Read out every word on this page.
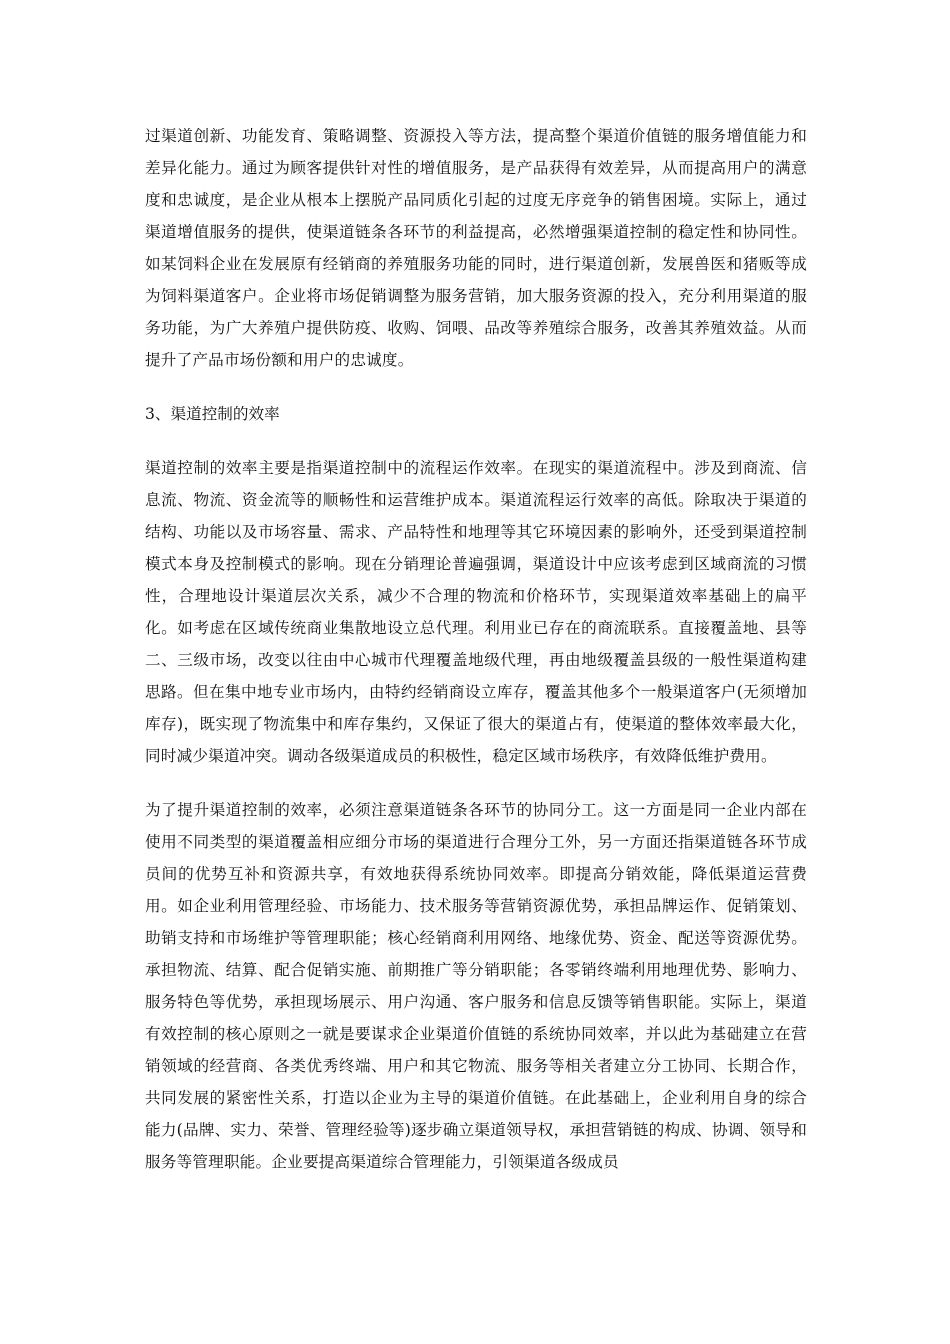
过渠道创新、功能发育、策略调整、资源投入等方法，提高整个渠道价值链的服务增值能力和差异化能力。通过为顾客提供针对性的增值服务，是产品获得有效差异，从而提高用户的满意度和忠诚度，是企业从根本上摆脱产品同质化引起的过度无序竞争的销售困境。实际上，通过渠道增值服务的提供，使渠道链条各环节的利益提高，必然增强渠道控制的稳定性和协同性。如某饲料企业在发展原有经销商的养殖服务功能的同时，进行渠道创新，发展兽医和猪贩等成为饲料渠道客户。企业将市场促销调整为服务营销，加大服务资源的投入，充分利用渠道的服务功能，为广大养殖户提供防疫、收购、饲喂、品改等养殖综合服务，改善其养殖效益。从而提升了产品市场份额和用户的忠诚度。

3、渠道控制的效率

渠道控制的效率主要是指渠道控制中的流程运作效率。在现实的渠道流程中。涉及到商流、信息流、物流、资金流等的顺畅性和运营维护成本。渠道流程运行效率的高低。除取决于渠道的结构、功能以及市场容量、需求、产品特性和地理等其它环境因素的影响外，还受到渠道控制模式本身及控制模式的影响。现在分销理论普遍强调，渠道设计中应该考虑到区域商流的习惯性，合理地设计渠道层次关系，减少不合理的物流和价格环节，实现渠道效率基础上的扁平化。如考虑在区域传统商业集散地设立总代理。利用业已存在的商流联系。直接覆盖地、县等二、三级市场，改变以往由中心城市代理覆盖地级代理，再由地级覆盖县级的一般性渠道构建思路。但在集中地专业市场内，由特约经销商设立库存，覆盖其他多个一般渠道客户(无须增加库存)，既实现了物流集中和库存集约，又保证了很大的渠道占有，使渠道的整体效率最大化，同时减少渠道冲突。调动各级渠道成员的积极性，稳定区域市场秩序，有效降低维护费用。

为了提升渠道控制的效率，必须注意渠道链条各环节的协同分工。这一方面是同一企业内部在使用不同类型的渠道覆盖相应细分市场的渠道进行合理分工外，另一方面还指渠道链各环节成员间的优势互补和资源共享，有效地获得系统协同效率。即提高分销效能，降低渠道运营费用。如企业利用管理经验、市场能力、技术服务等营销资源优势，承担品牌运作、促销策划、助销支持和市场维护等管理职能；核心经销商利用网络、地缘优势、资金、配送等资源优势。承担物流、结算、配合促销实施、前期推广等分销职能；各零销终端利用地理优势、影响力、服务特色等优势，承担现场展示、用户沟通、客户服务和信息反馈等销售职能。实际上，渠道有效控制的核心原则之一就是要谋求企业渠道价值链的系统协同效率，并以此为基础建立在营销领域的经营商、各类优秀终端、用户和其它物流、服务等相关者建立分工协同、长期合作，共同发展的紧密性关系，打造以企业为主导的渠道价值链。在此基础上，企业利用自身的综合能力(品牌、实力、荣誉、管理经验等)逐步确立渠道领导权，承担营销链的构成、协调、领导和服务等管理职能。企业要提高渠道综合管理能力，引领渠道各级成员
